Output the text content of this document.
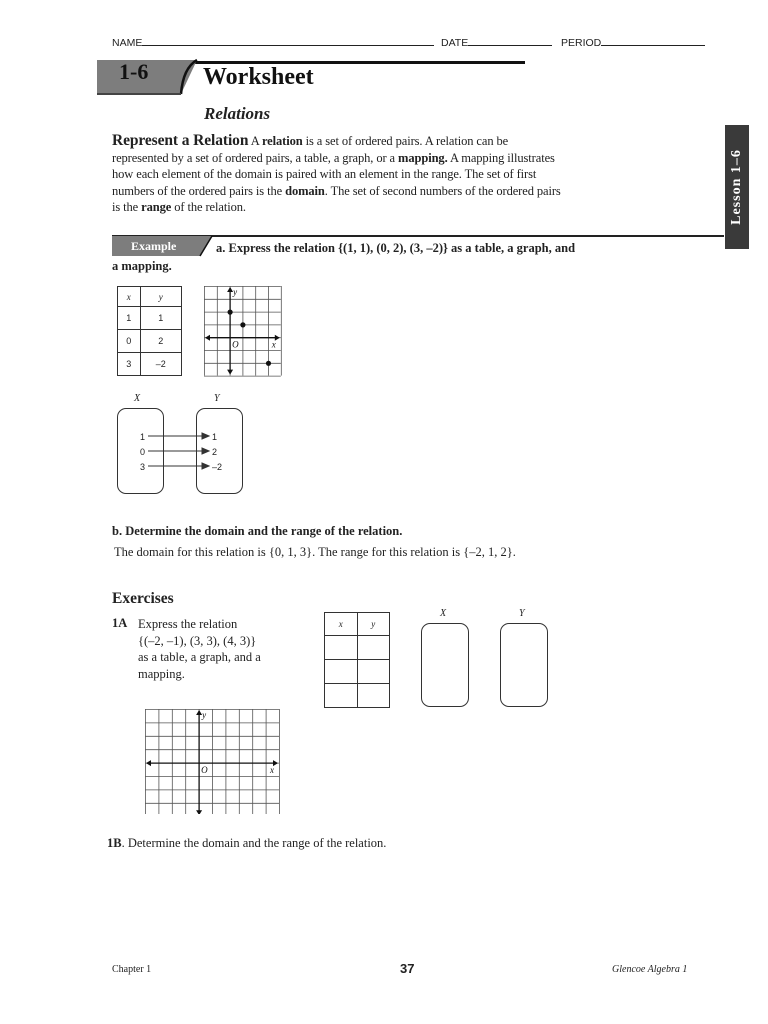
NAME	DATE	PERIOD
1-6 Worksheet
Relations
Lesson 1–6
Represent a Relation A relation is a set of ordered pairs. A relation can be
represented by a set of ordered pairs, a table, a graph, or a mapping. A mapping illustrates
how each element of the domain is paired with an element in the range. The set of first
numbers of the ordered pairs is the domain. The set of second numbers of the ordered pairs
is the range of the relation.
Example	a. Express the relation {(1, 1), (0, 2), (3, –2)} as a table, a graph, and
a mapping.
x	y
1	1
0	2
3	–2
O	x
y
X	Y
1
0
3
1
2
–2
b. Determine the domain and the range of the relation.
The domain for this relation is {0, 1, 3}. The range for this relation is {–2, 1, 2}.
Exercises
1A Express the relation
{(–2, –1), (3, 3), (4, 3)}
as a table, a graph, and a
mapping.
x	y

X	Y
O	x
y
1B. Determine the domain and the range of the relation.
Chapter 1	37	Glencoe Algebra 1
